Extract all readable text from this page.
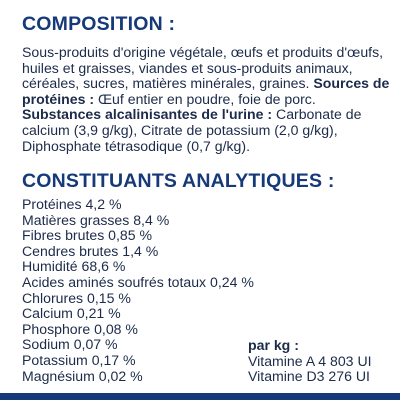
COMPOSITION :

Sous-produits d'origine végétale, œufs et produits d'œufs, huiles et graisses, viandes et sous-produits animaux, céréales, sucres, matières minérales, graines. Sources de protéines : Œuf entier en poudre, foie de porc. Substances alcalinisantes de l'urine : Carbonate de calcium (3,9 g/kg), Citrate de potassium (2,0 g/kg), Diphosphate tétrasodique (0,7 g/kg).

CONSTITUANTS ANALYTIQUES :
Protéines 4,2 %
Matières grasses 8,4 %
Fibres brutes 0,85 %
Cendres brutes 1,4 %
Humidité 68,6 %
Acides aminés soufrés totaux 0,24 %
Chlorures 0,15 %
Calcium 0,21 %
Phosphore 0,08 %
Sodium 0,07 %
Potassium 0,17 %
Magnésium 0,02 %
par kg :
Vitamine A 4 803 UI
Vitamine D3 276 UI
